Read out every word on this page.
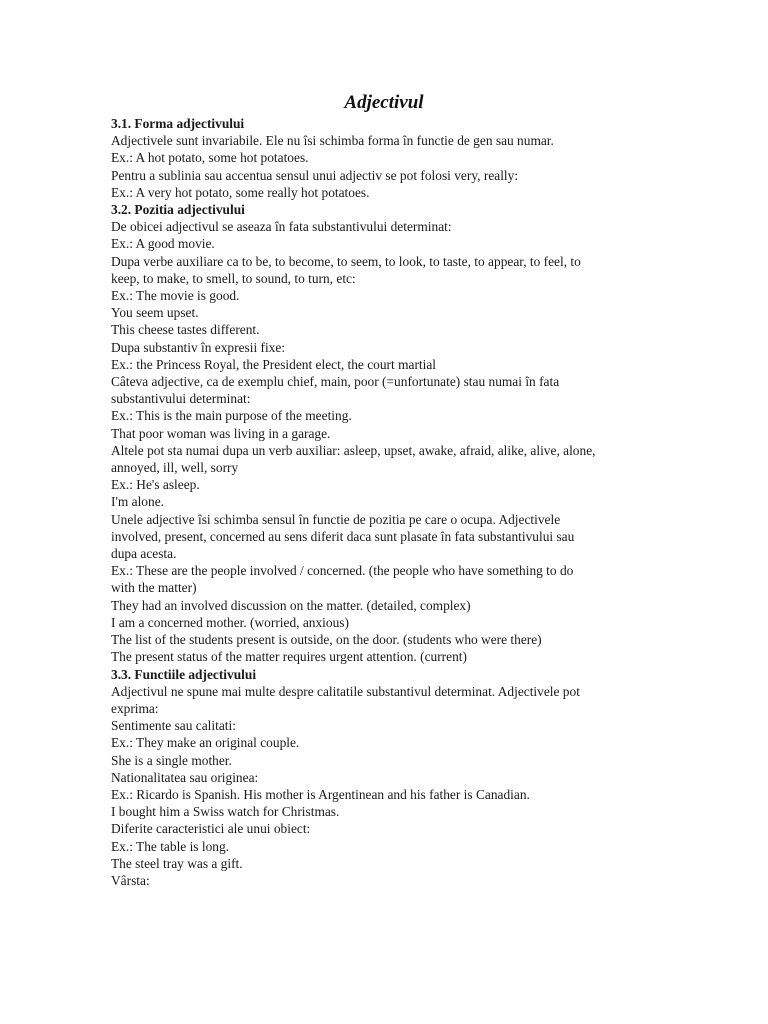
Adjectivul
3.1. Forma adjectivului
Adjectivele sunt invariabile. Ele nu îsi schimba forma în functie de gen sau numar.
Ex.: A hot potato, some hot potatoes.
Pentru a sublinia sau accentua sensul unui adjectiv se pot folosi very, really:
Ex.: A very hot potato, some really hot potatoes.
3.2. Pozitia adjectivului
De obicei adjectivul se aseaza în fata substantivului determinat:
Ex.: A good movie.
Dupa verbe auxiliare ca to be, to become, to seem, to look, to taste, to appear, to feel, to
keep, to make, to smell, to sound, to turn, etc:
Ex.: The movie is good.
You seem upset.
This cheese tastes different.
Dupa substantiv în expresii fixe:
Ex.: the Princess Royal, the President elect, the court martial
Câteva adjective, ca de exemplu chief, main, poor (=unfortunate) stau numai în fata
substantivului determinat:
Ex.: This is the main purpose of the meeting.
That poor woman was living in a garage.
Altele pot sta numai dupa un verb auxiliar: asleep, upset, awake, afraid, alike, alive, alone,
annoyed, ill, well, sorry
Ex.: He's asleep.
I'm alone.
Unele adjective îsi schimba sensul în functie de pozitia pe care o ocupa. Adjectivele
involved, present, concerned au sens diferit daca sunt plasate în fata substantivului sau
dupa acesta.
Ex.: These are the people involved / concerned. (the people who have something to do
with the matter)
They had an involved discussion on the matter. (detailed, complex)
I am a concerned mother. (worried, anxious)
The list of the students present is outside, on the door. (students who were there)
The present status of the matter requires urgent attention. (current)
3.3. Functiile adjectivului
Adjectivul ne spune mai multe despre calitatile substantivul determinat. Adjectivele pot
exprima:
Sentimente sau calitati:
Ex.: They make an original couple.
She is a single mother.
Nationalitatea sau originea:
Ex.: Ricardo is Spanish. His mother is Argentinean and his father is Canadian.
I bought him a Swiss watch for Christmas.
Diferite caracteristici ale unui obiect:
Ex.: The table is long.
The steel tray was a gift.
Vârsta:
